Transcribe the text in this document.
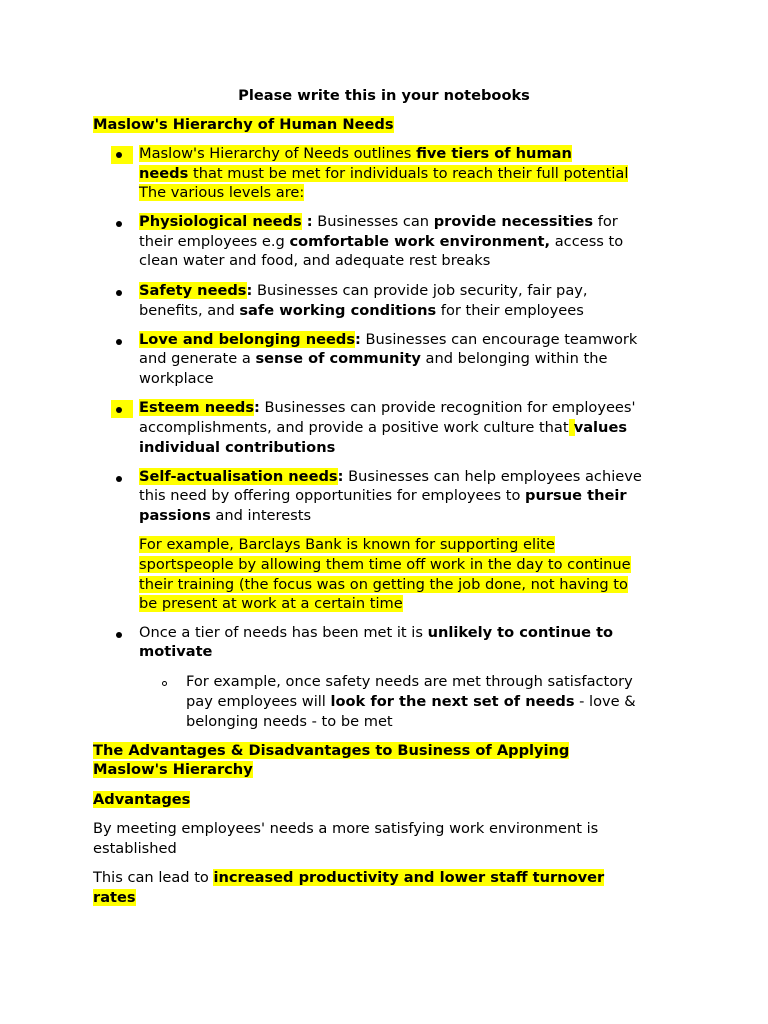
Please write this in your notebooks
Maslow's Hierarchy of Human Needs
Maslow's Hierarchy of Needs outlines five tiers of human
needs that must be met for individuals to reach their full potential
The various levels are:
Physiological needs : Businesses can provide necessities for
their employees e.g comfortable work environment, access to
clean water and food, and adequate rest breaks
Safety needs: Businesses can provide job security, fair pay,
benefits, and safe working conditions for their employees
Love and belonging needs: Businesses can encourage teamwork
and generate a sense of community and belonging within the
workplace
Esteem needs: Businesses can provide recognition for employees'
accomplishments, and provide a positive work culture that values
individual contributions
Self-actualisation needs: Businesses can help employees achieve
this need by offering opportunities for employees to pursue their
passions and interests
For example, Barclays Bank is known for supporting elite
sportspeople by allowing them time off work in the day to continue
their training (the focus was on getting the job done, not having to
be present at work at a certain time
Once a tier of needs has been met it is unlikely to continue to
motivate
For example, once safety needs are met through satisfactory
pay employees will look for the next set of needs - love &
belonging needs - to be met
The Advantages & Disadvantages to Business of Applying
Maslow's Hierarchy
Advantages
By meeting employees' needs a more satisfying work environment is
established
This can lead to increased productivity and lower staff turnover
rates
